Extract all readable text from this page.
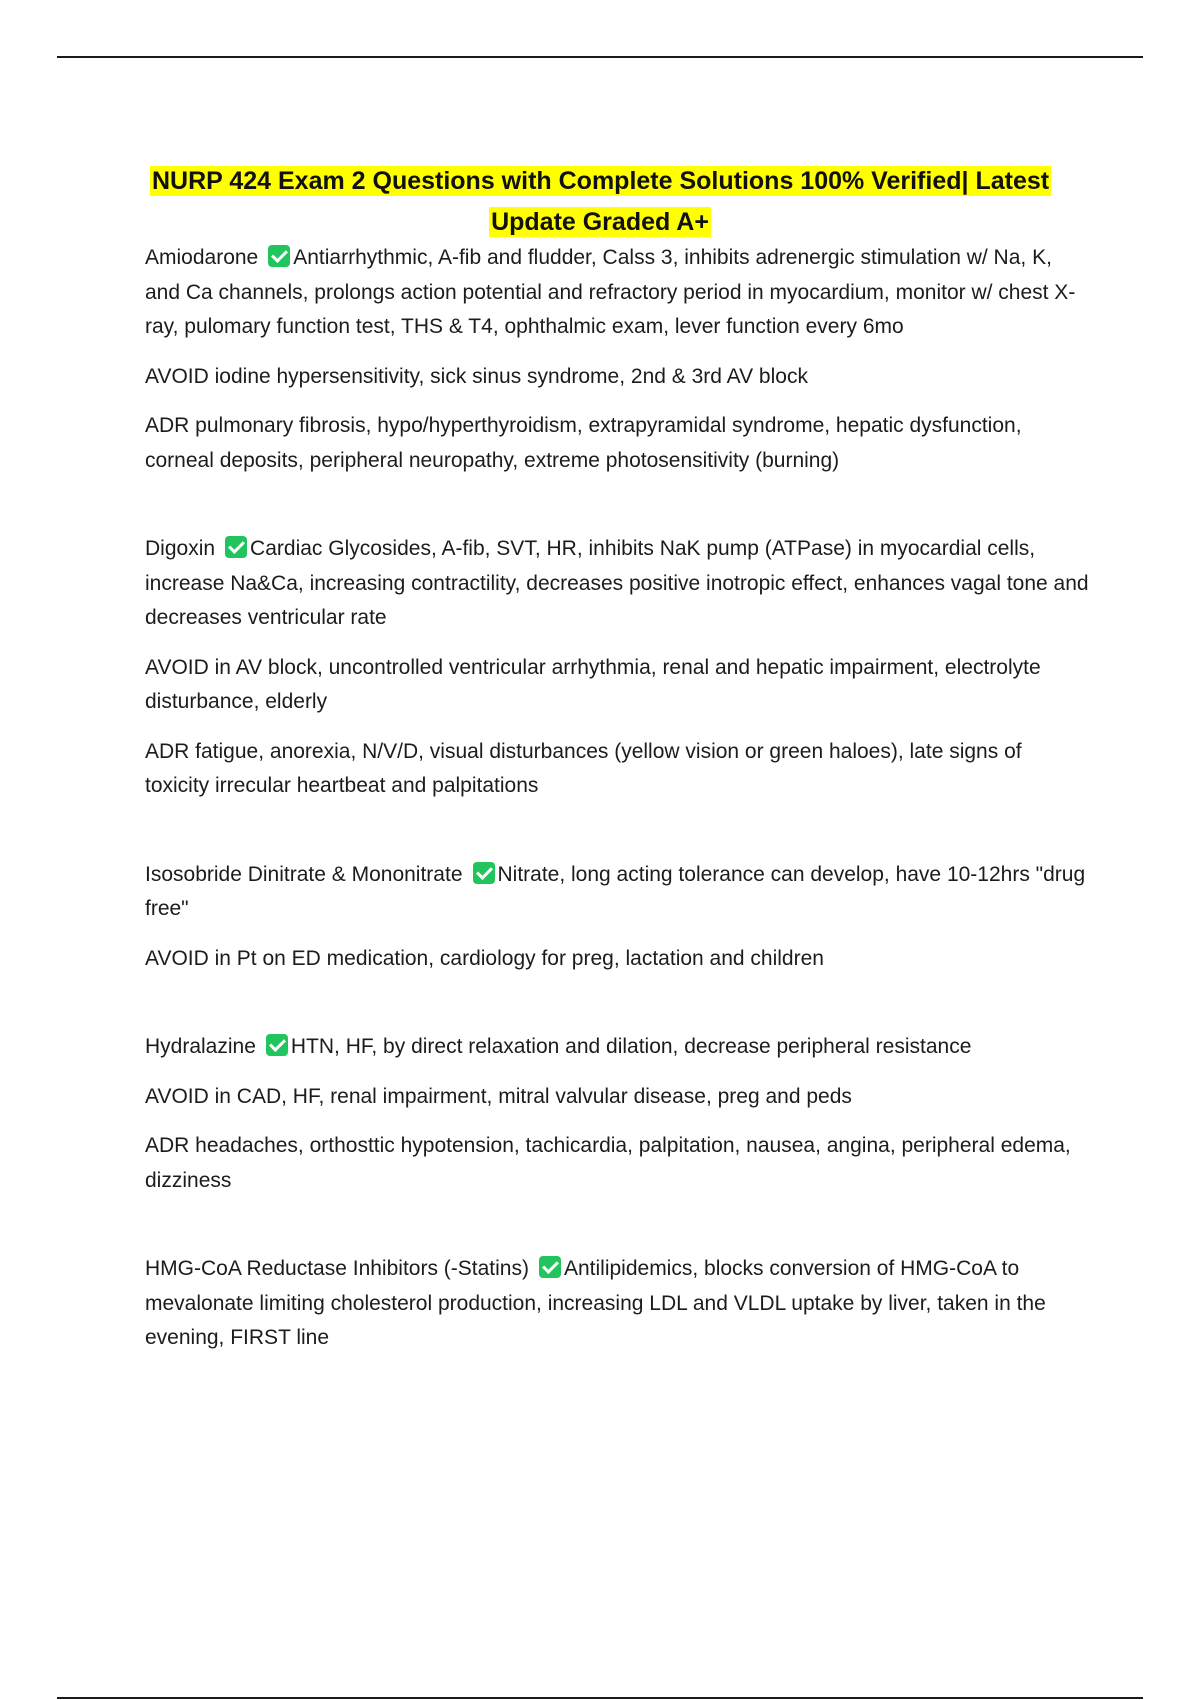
NURP 424 Exam 2 Questions with Complete Solutions 100% Verified| Latest Update Graded A+

Amiodarone Antiarrhythmic, A-fib and fludder, Calss 3, inhibits adrenergic stimulation w/ Na, K, and Ca channels, prolongs action potential and refractory period in myocardium, monitor w/ chest X-ray, pulomary function test, THS & T4, ophthalmic exam, lever function every 6mo

AVOID iodine hypersensitivity, sick sinus syndrome, 2nd & 3rd AV block

ADR pulmonary fibrosis, hypo/hyperthyroidism, extrapyramidal syndrome, hepatic dysfunction, corneal deposits, peripheral neuropathy, extreme photosensitivity (burning)

Digoxin Cardiac Glycosides, A-fib, SVT, HR, inhibits NaK pump (ATPase) in myocardial cells, increase Na&Ca, increasing contractility, decreases positive inotropic effect, enhances vagal tone and decreases ventricular rate

AVOID in AV block, uncontrolled ventricular arrhythmia, renal and hepatic impairment, electrolyte disturbance, elderly

ADR fatigue, anorexia, N/V/D, visual disturbances (yellow vision or green haloes), late signs of toxicity irrecular heartbeat and palpitations

Isosobride Dinitrate & Mononitrate Nitrate, long acting tolerance can develop, have 10-12hrs "drug free"

AVOID in Pt on ED medication, cardiology for preg, lactation and children

Hydralazine HTN, HF, by direct relaxation and dilation, decrease peripheral resistance

AVOID in CAD, HF, renal impairment, mitral valvular disease, preg and peds

ADR headaches, orthosttic hypotension, tachicardia, palpitation, nausea, angina, peripheral edema, dizziness

HMG-CoA Reductase Inhibitors (-Statins) Antilipidemics, blocks conversion of HMG-CoA to mevalonate limiting cholesterol production, increasing LDL and VLDL uptake by liver, taken in the evening, FIRST line
